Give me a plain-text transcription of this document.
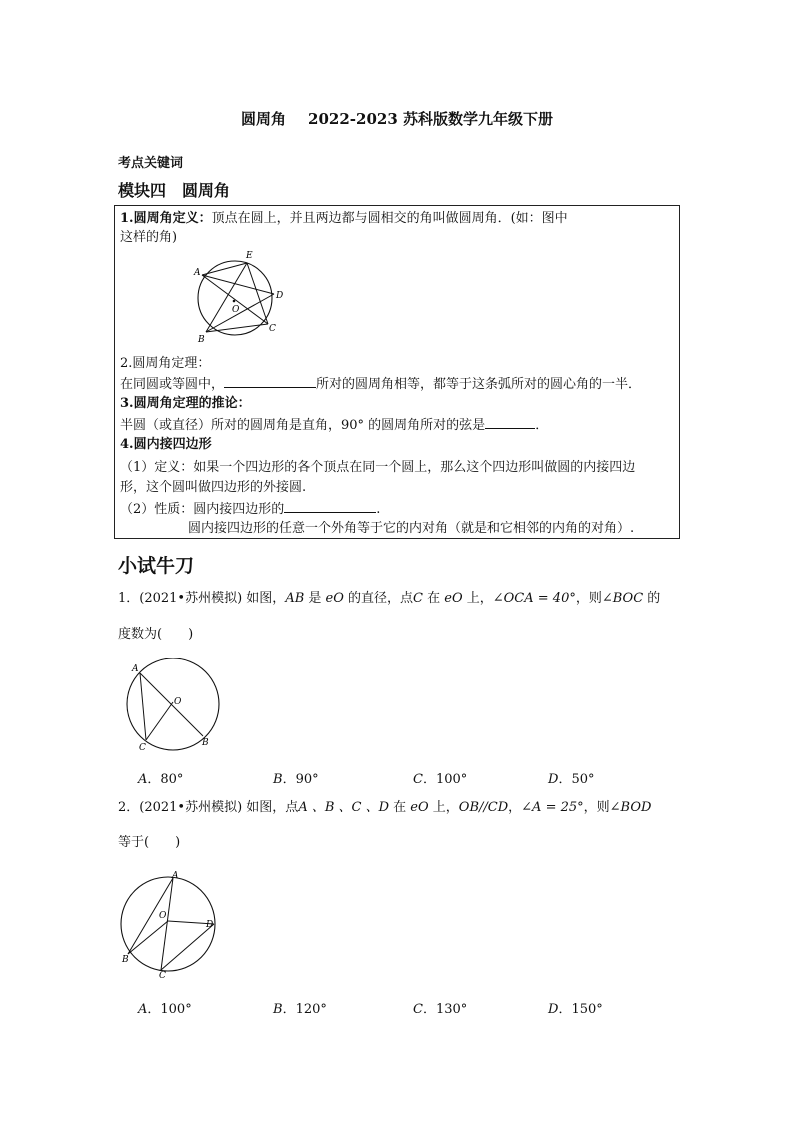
圆周角 2022-2023 苏科版数学九年级下册
考点关键词
模块四　圆周角
1.圆周角定义：顶点在圆上，并且两边都与圆相交的角叫做圆周角．(如：图中
这样的角)
A
E
D
C
B
O
2.圆周角定理：
在同圆或等圆中，	所对的圆周角相等，都等于这条弧所对的圆心角的一半．
3.圆周角定理的推论：
半圆（或直径）所对的圆周角是直角，90° 的圆周角所对的弦是	．
4.圆内接四边形
（1）定义：如果一个四边形的各个顶点在同一个圆上，那么这个四边形叫做圆的内接四边
形，这个圆叫做四边形的外接圆.
（2）性质：圆内接四边形的	.
圆内接四边形的任意一个外角等于它的内对角（就是和它相邻的内角的对角）.
小试牛刀
1．(2021•苏州模拟) 如图，AB 是 eO 的直径，点C 在 eO 上，∠OCA = 40°，则∠BOC 的
度数为(　　)
A
O
C	B
A．80°	B．90°	C．100°	D．50°
2．(2021•苏州模拟) 如图，点A 、B 、C 、D 在 eO 上，OB//CD，∠A = 25°，则∠BOD
等于(　　)
A
O
D
B
C
A．100°	B．120°	C．130°	D．150°
